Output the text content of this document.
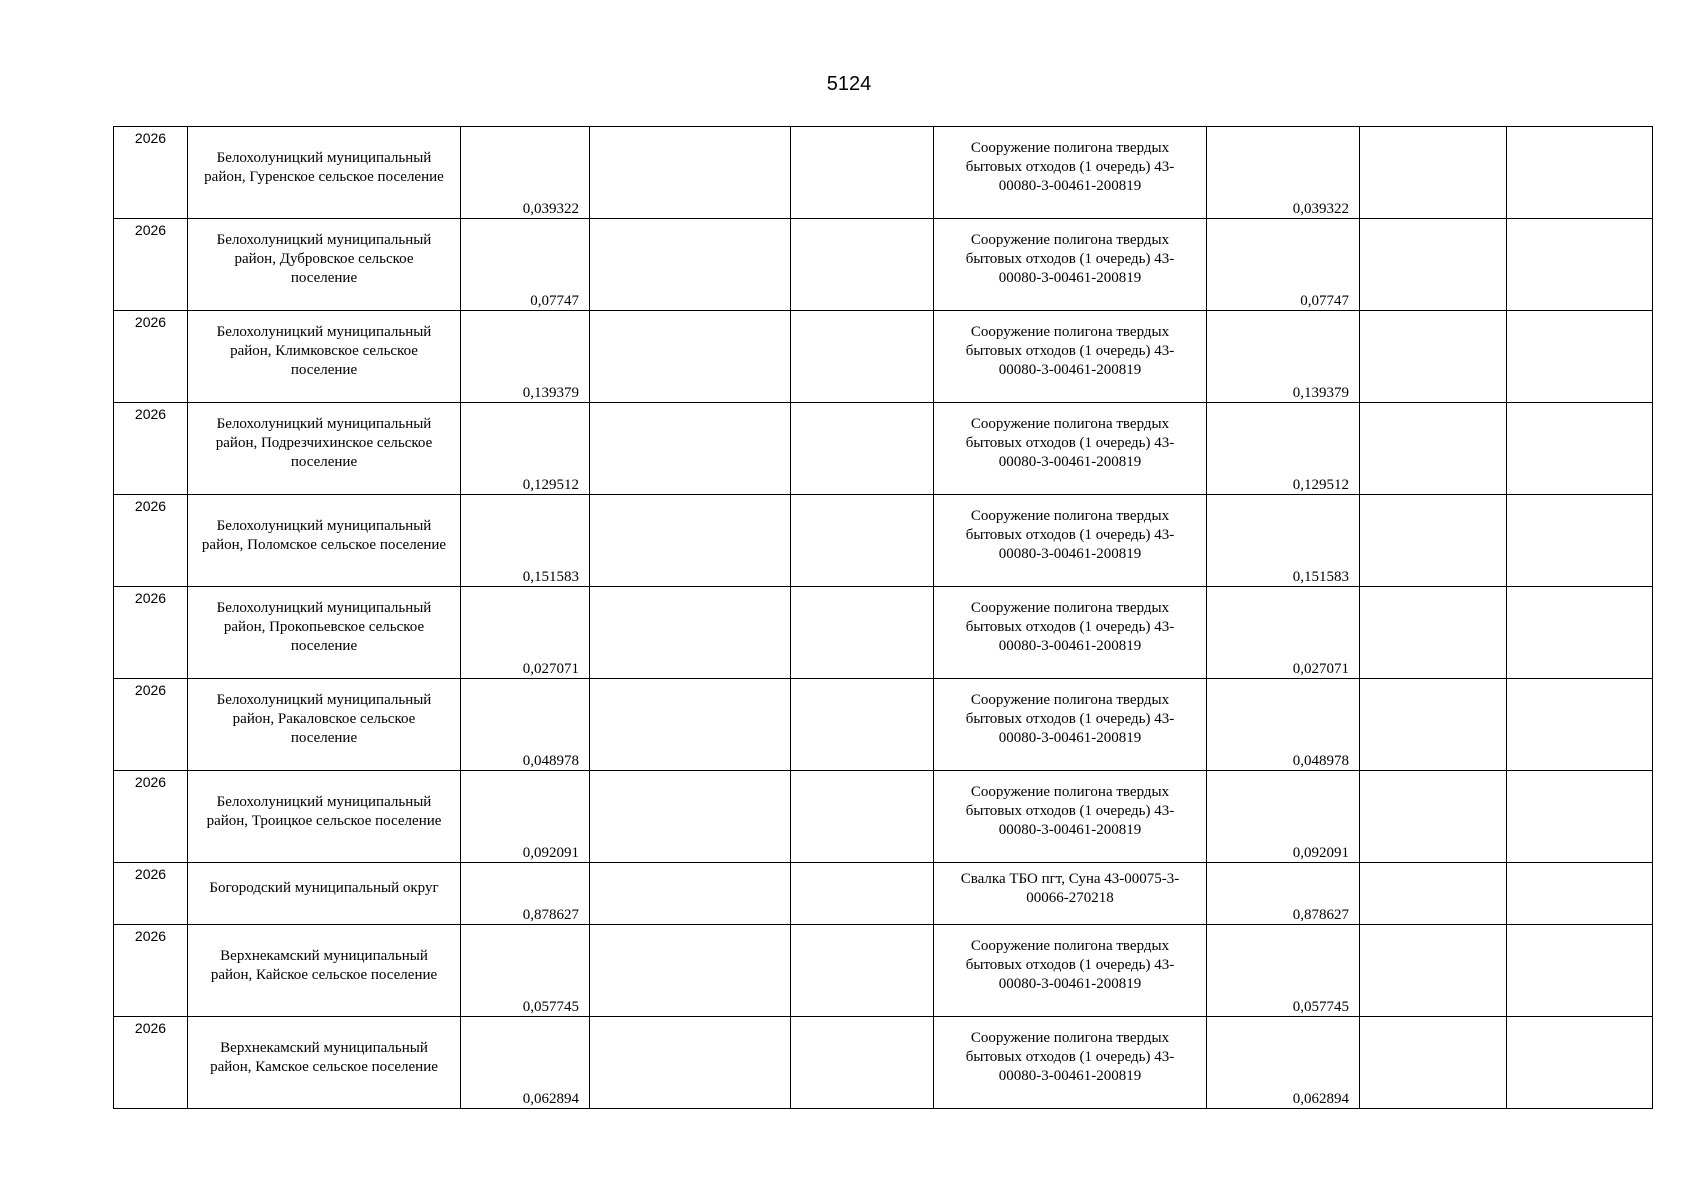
5124
2026	Белохолуницкий муниципальный район, Гуренское сельское поселение	0,039322			Сооружение полигона твердых бытовых отходов (1 очередь) 43-00080-3-00461-200819	0,039322		
2026	Белохолуницкий муниципальный район, Дубровское сельское поселение	0,07747			Сооружение полигона твердых бытовых отходов (1 очередь) 43-00080-3-00461-200819	0,07747		
2026	Белохолуницкий муниципальный район, Климковское сельское поселение	0,139379			Сооружение полигона твердых бытовых отходов (1 очередь) 43-00080-3-00461-200819	0,139379		
2026	Белохолуницкий муниципальный район, Подрезчихинское сельское поселение	0,129512			Сооружение полигона твердых бытовых отходов (1 очередь) 43-00080-3-00461-200819	0,129512		
2026	Белохолуницкий муниципальный район, Поломское сельское поселение	0,151583			Сооружение полигона твердых бытовых отходов (1 очередь) 43-00080-3-00461-200819	0,151583		
2026	Белохолуницкий муниципальный район, Прокопьевское сельское поселение	0,027071			Сооружение полигона твердых бытовых отходов (1 очередь) 43-00080-3-00461-200819	0,027071		
2026	Белохолуницкий муниципальный район, Ракаловское сельское поселение	0,048978			Сооружение полигона твердых бытовых отходов (1 очередь) 43-00080-3-00461-200819	0,048978		
2026	Белохолуницкий муниципальный район, Троицкое сельское поселение	0,092091			Сооружение полигона твердых бытовых отходов (1 очередь) 43-00080-3-00461-200819	0,092091		
2026	Богородский муниципальный округ	0,878627			Свалка ТБО пгт, Суна 43-00075-3-00066-270218	0,878627		
2026	Верхнекамский муниципальный район, Кайское сельское поселение	0,057745			Сооружение полигона твердых бытовых отходов (1 очередь) 43-00080-3-00461-200819	0,057745		
2026	Верхнекамский муниципальный район, Камское сельское поселение	0,062894			Сооружение полигона твердых бытовых отходов (1 очередь) 43-00080-3-00461-200819	0,062894		
